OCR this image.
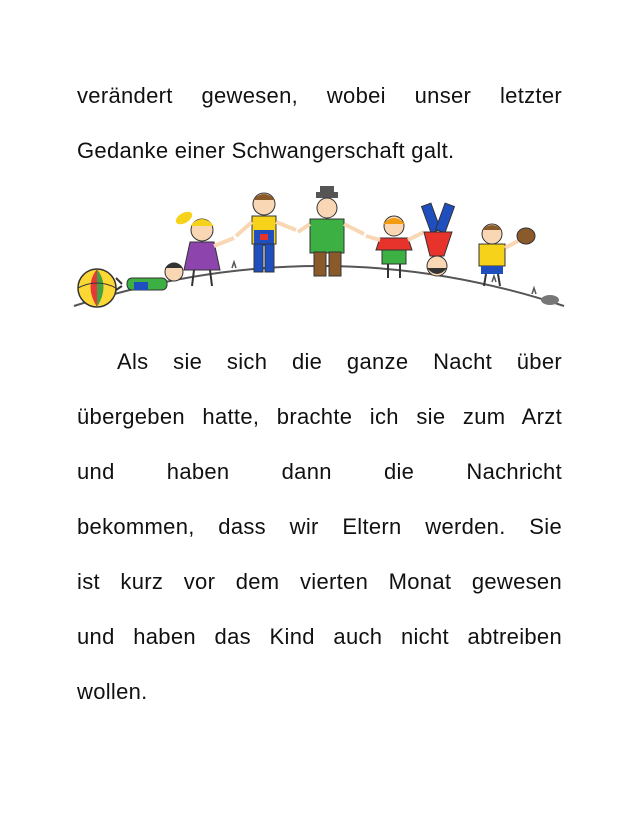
verändert gewesen, wobei unser letzter
Gedanke einer Schwangerschaft galt.
Als sie sich die ganze Nacht über
übergeben hatte, brachte ich sie zum Arzt
und haben dann die Nachricht
bekommen, dass wir Eltern werden. Sie
ist kurz vor dem vierten Monat gewesen
und haben das Kind auch nicht abtreiben
wollen.
